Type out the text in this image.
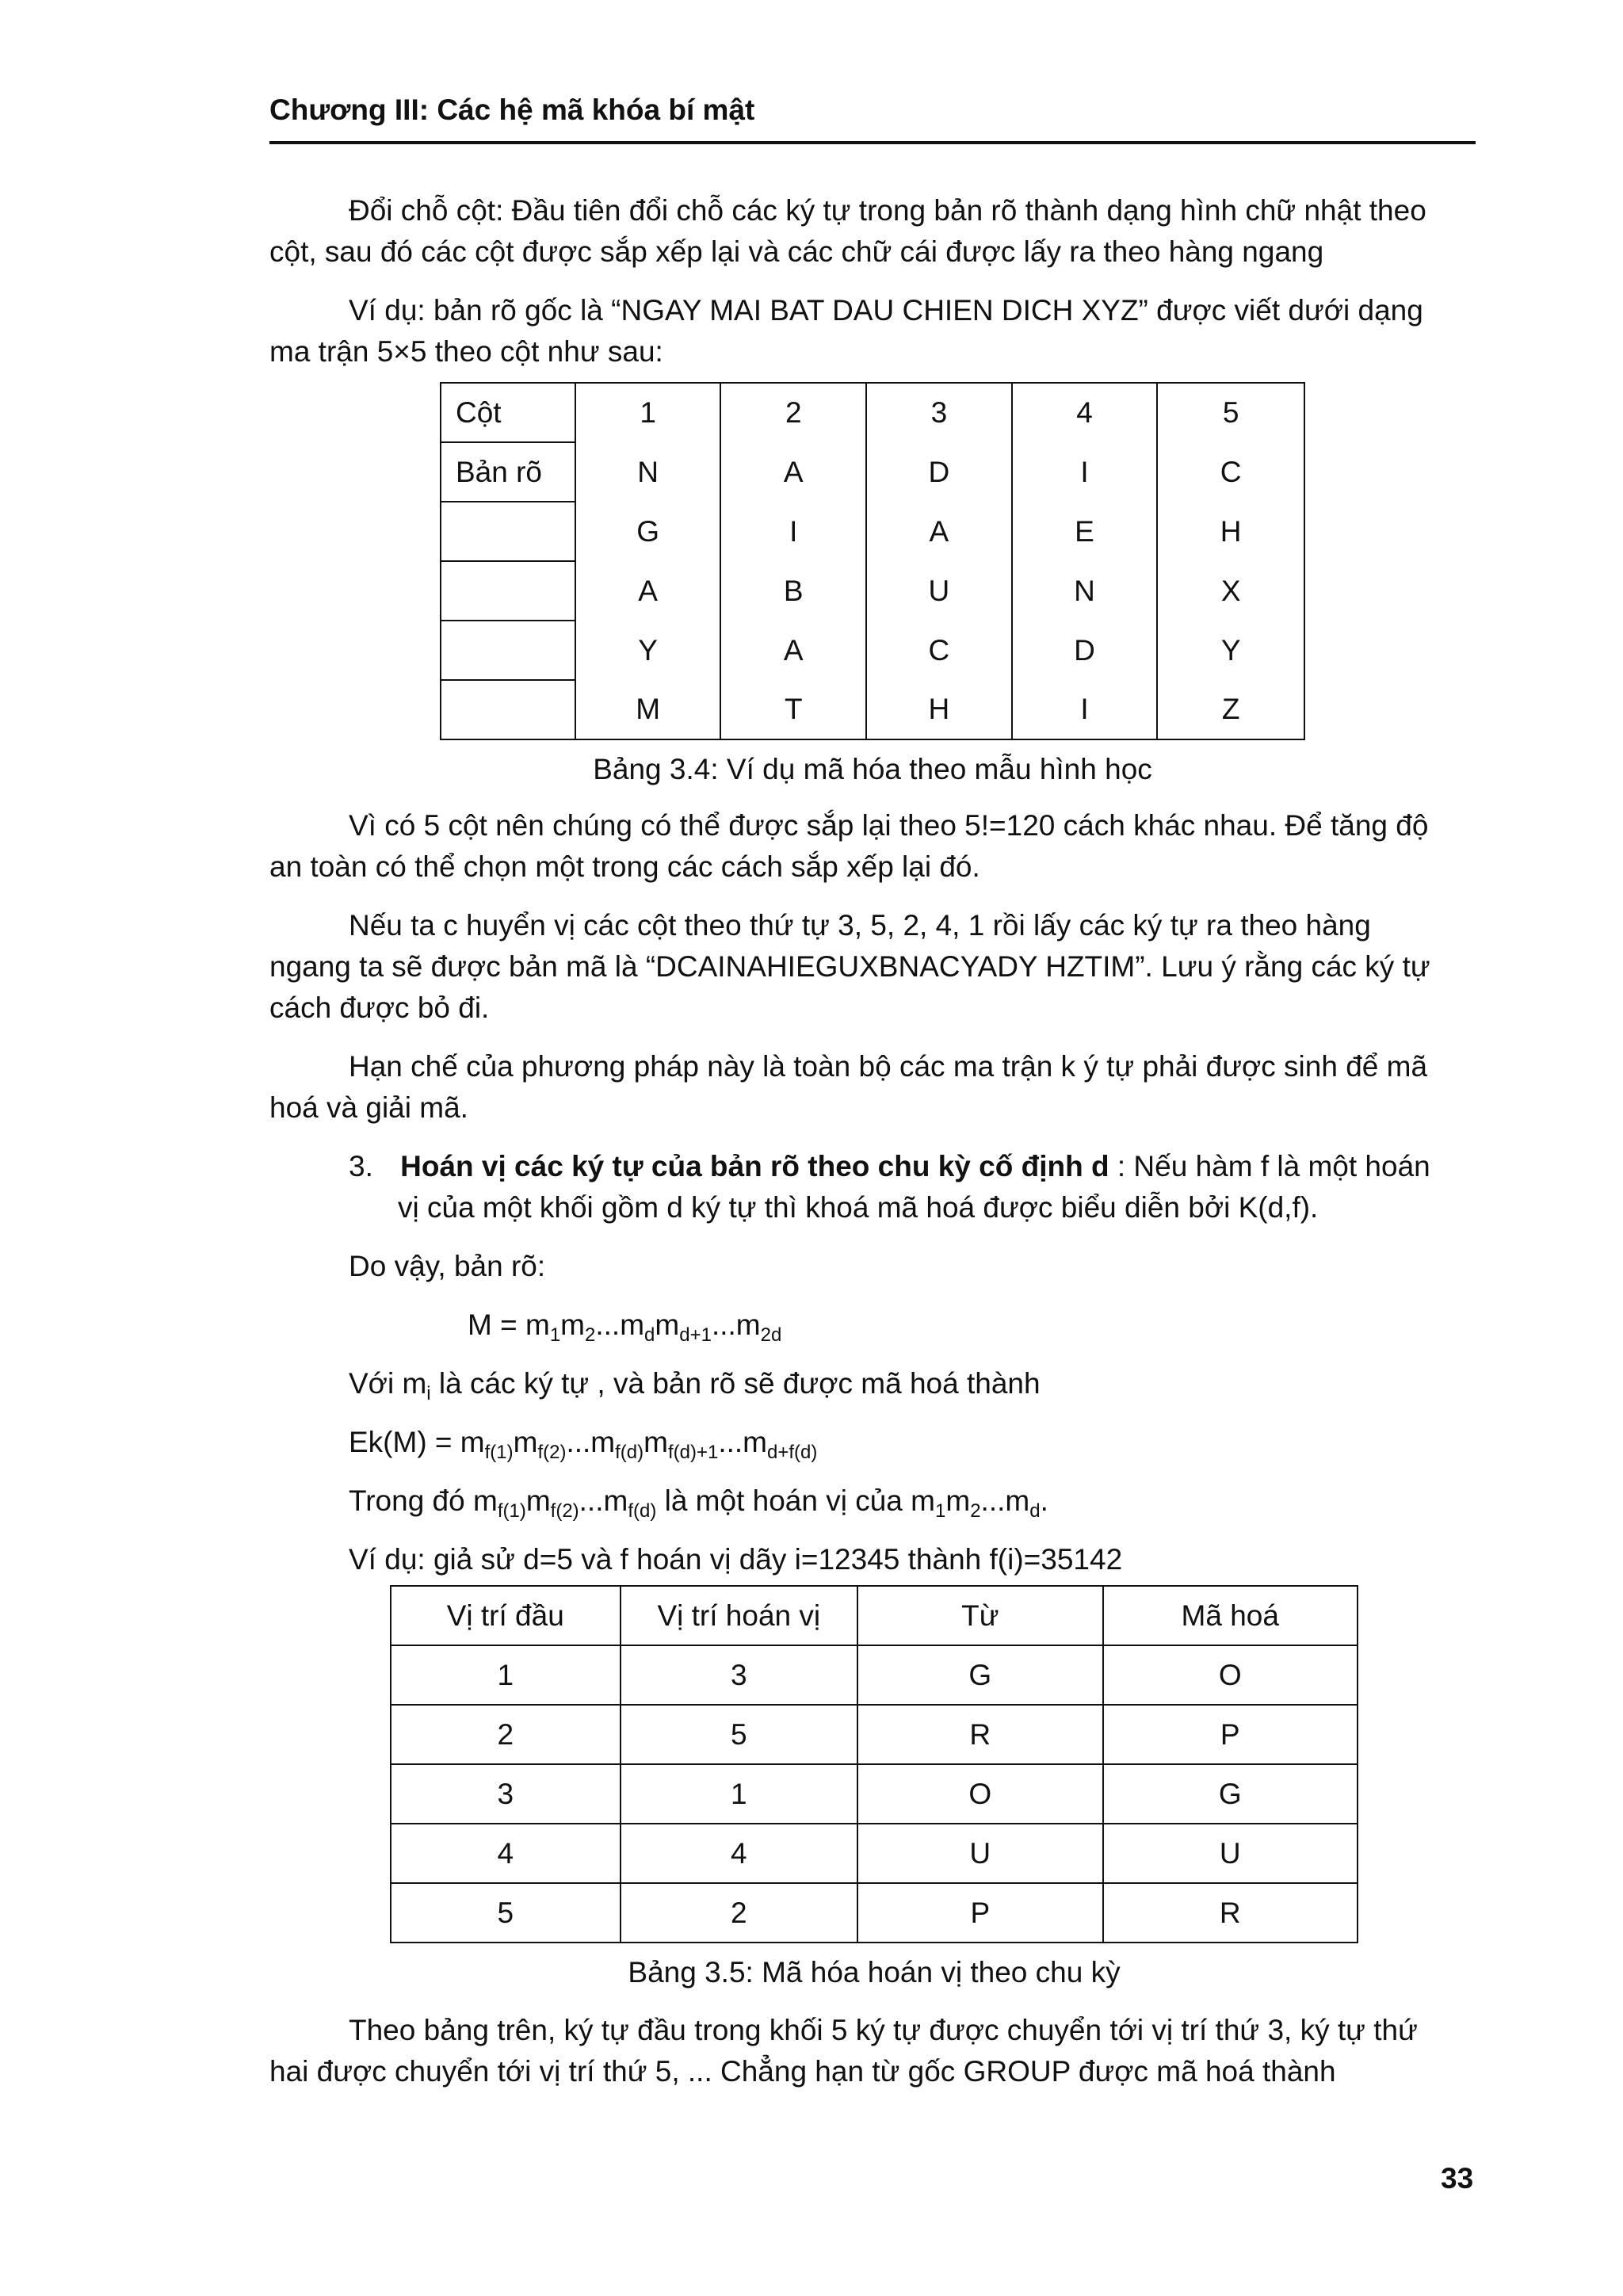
Chương III: Các hệ mã khóa bí mật
Đổi chỗ cột: Đầu tiên đổi chỗ các ký tự trong bản rõ thành dạng hình chữ nhật theo
cột, sau đó các cột được sắp xếp lại và các chữ cái được lấy ra theo hàng ngang
Ví dụ: bản rõ gốc là “NGAY MAI BAT DAU CHIEN DICH XYZ” được viết dưới dạng
ma trận 5×5 theo cột như sau:
Cột	1	2	3	4	5
Bản rõ	N	A	D	I	C
	G	I	A	E	H
	A	B	U	N	X
	Y	A	C	D	Y
	M	T	H	I	Z
Bảng 3.4: Ví dụ mã hóa theo mẫu hình học
Vì có 5 cột nên chúng có thể được sắp lại theo 5!=120 cách khác nhau. Để tăng độ
an toàn có thể chọn một trong các cách sắp xếp lại đó.
Nếu ta c huyển vị các cột theo thứ tự 3, 5, 2, 4, 1 rồi lấy các ký tự ra theo hàng
ngang ta sẽ được bản mã là “DCAINAHIEGUXBNACYADY HZTIM”. Lưu ý rằng các ký tự
cách được bỏ đi.
Hạn chế của phương pháp này là toàn bộ các ma trận k ý tự phải được sinh để mã
hoá và giải mã.
3. Hoán vị các ký tự của bản rõ theo chu kỳ cố định d : Nếu hàm f là một hoán
vị của một khối gồm d ký tự thì khoá mã hoá được biểu diễn bởi K(d,f).
Do vậy, bản rõ:
$M = m_1m_2...m_dm_{d+1}...m_{2d}$
Với $m_i$ là các ký tự , và bản rõ sẽ được mã hoá thành
$Ek(M) = m_{f(1)}m_{f(2)}...m_{f(d)}m_{f(d)+1}...m_{d+f(d)}$
Trong đó $m_{f(1)}m_{f(2)}...m_{f(d)}$ là một hoán vị của $m_1m_2...m_d$.
Ví dụ: giả sử d=5 và f hoán vị dãy i=12345 thành f(i)=35142
Vị trí đầu	Vị trí hoán vị	Từ	Mã hoá
1	3	G	O
2	5	R	P
3	1	O	G
4	4	U	U
5	2	P	R
Bảng 3.5: Mã hóa hoán vị theo chu kỳ
Theo bảng trên, ký tự đầu trong khối 5 ký tự được chuyển tới vị trí thứ 3, ký tự thứ
hai được chuyển tới vị trí thứ 5, ... Chẳng hạn từ gốc GROUP được mã hoá thành
33
